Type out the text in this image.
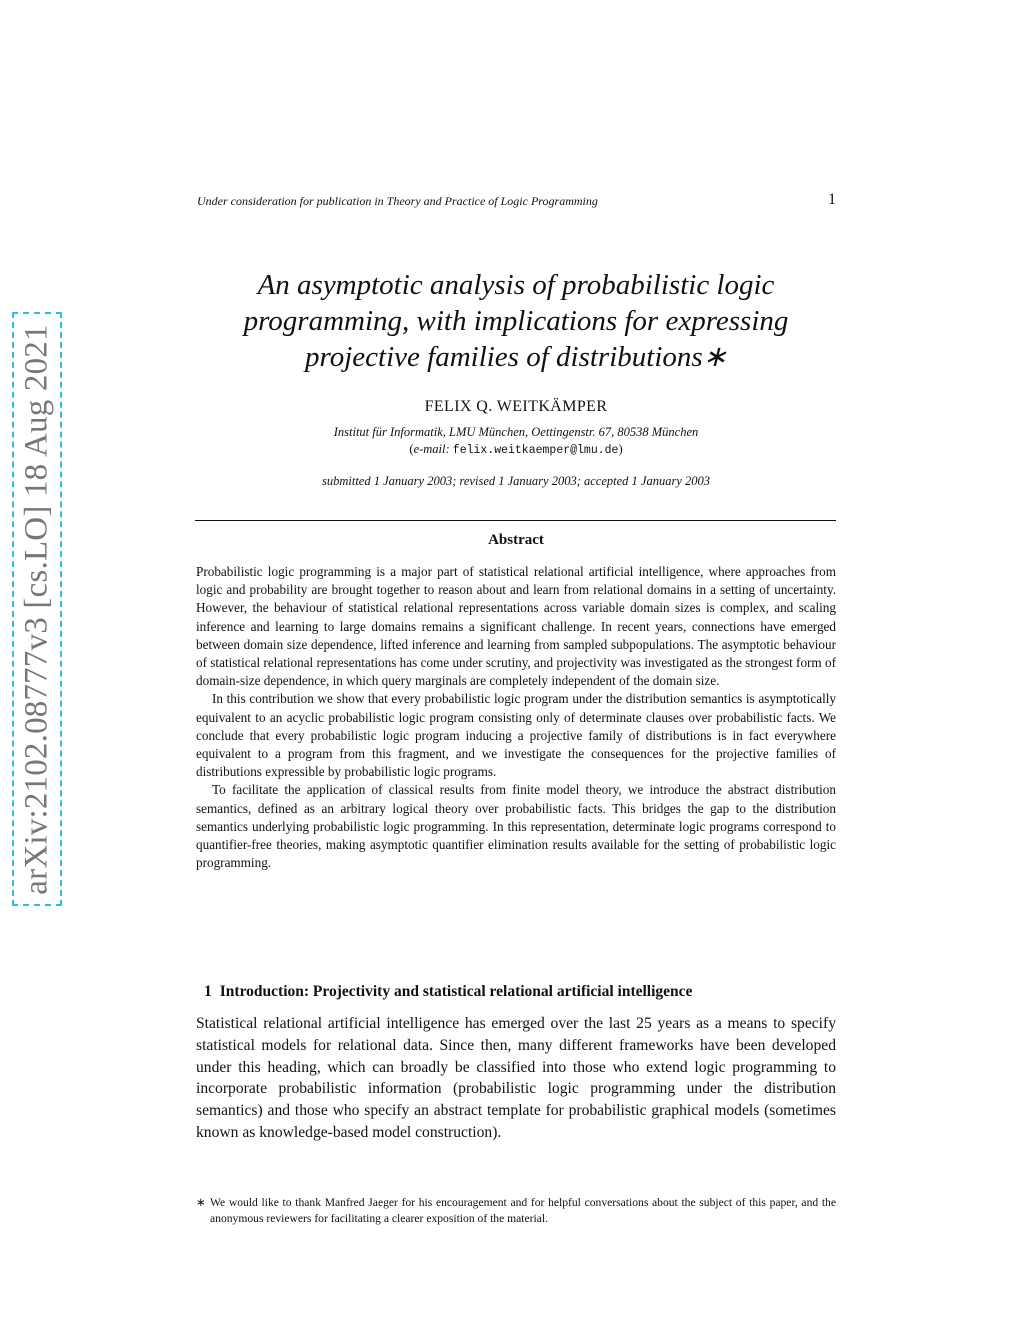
arXiv:2102.08777v3 [cs.LO] 18 Aug 2021
Under consideration for publication in Theory and Practice of Logic Programming	1
An asymptotic analysis of probabilistic logic
programming, with implications for expressing
projective families of distributions∗
FELIX Q. WEITKÄMPER
Institut für Informatik, LMU München, Oettingenstr. 67, 80538 München
(e-mail: felix.weitkaemper@lmu.de)
submitted 1 January 2003; revised 1 January 2003; accepted 1 January 2003
Abstract

Probabilistic logic programming is a major part of statistical relational artificial intelligence, where approaches from logic and probability are brought together to reason about and learn from relational domains in a setting of uncertainty. However, the behaviour of statistical relational representations across variable domain sizes is complex, and scaling inference and learning to large domains remains a significant challenge. In recent years, connections have emerged between domain size dependence, lifted inference and learning from sampled subpopulations. The asymptotic behaviour of statistical relational representations has come under scrutiny, and projectivity was investigated as the strongest form of domain-size dependence, in which query marginals are completely independent of the domain size.

In this contribution we show that every probabilistic logic program under the distribution semantics is asymptotically equivalent to an acyclic probabilistic logic program consisting only of determinate clauses over probabilistic facts. We conclude that every probabilistic logic program inducing a projective family of distributions is in fact everywhere equivalent to a program from this fragment, and we investigate the consequences for the projective families of distributions expressible by probabilistic logic programs.

To facilitate the application of classical results from finite model theory, we introduce the abstract distribution semantics, defined as an arbitrary logical theory over probabilistic facts. This bridges the gap to the distribution semantics underlying probabilistic logic programming. In this representation, determinate logic programs correspond to quantifier-free theories, making asymptotic quantifier elimination results available for the setting of probabilistic logic programming.

1 Introduction: Projectivity and statistical relational artificial intelligence

Statistical relational artificial intelligence has emerged over the last 25 years as a means to specify statistical models for relational data. Since then, many different frameworks have been developed under this heading, which can broadly be classified into those who extend logic programming to incorporate probabilistic information (probabilistic logic programming under the distribution semantics) and those who specify an abstract template for probabilistic graphical models (sometimes known as knowledge-based model construction).

∗ We would like to thank Manfred Jaeger for his encouragement and for helpful conversations about the subject of this paper, and the anonymous reviewers for facilitating a clearer exposition of the material.
